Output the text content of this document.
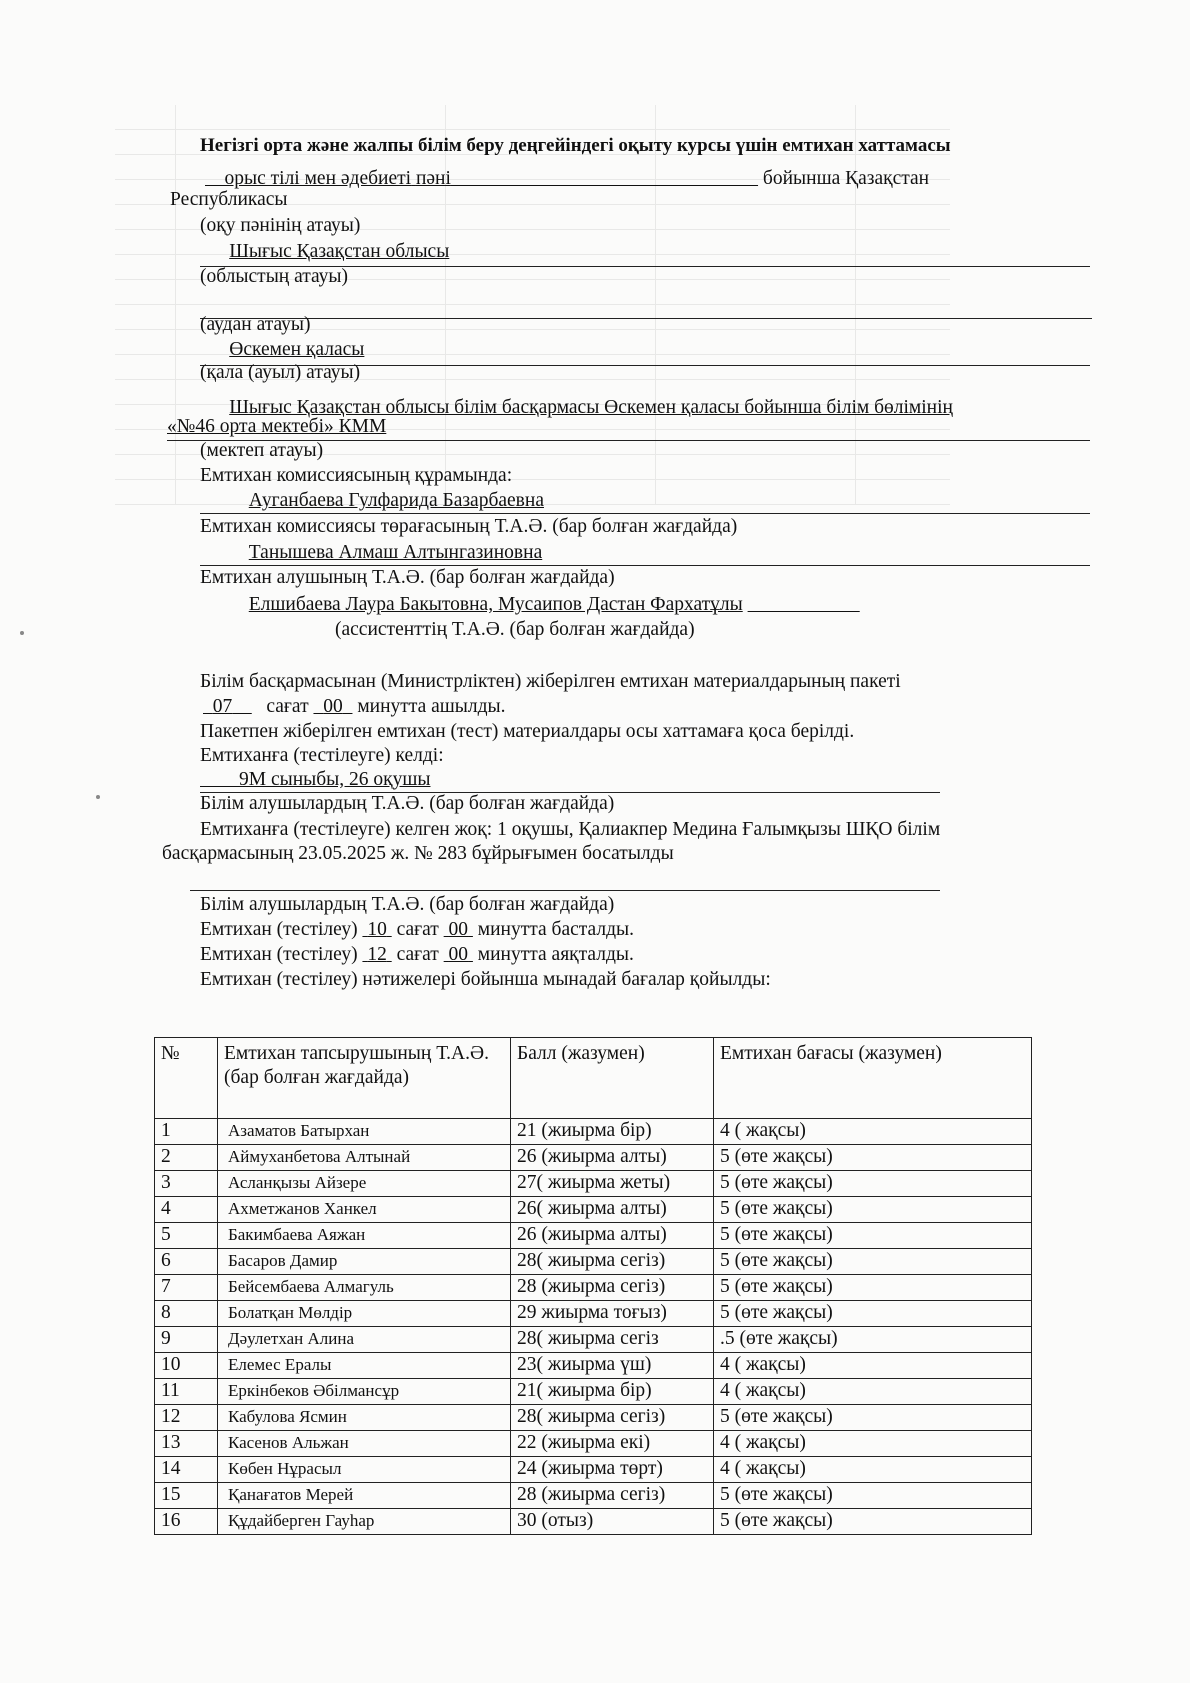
Негізгі орта және жалпы білім беру деңгейіндегі оқыту курсы үшін емтихан хаттамасы
орыс тілі мен әдебиеті пәні	бойынша Қазақстан
Республикасы
(оқу пәнінің атауы)
Шығыс Қазақстан облысы
(облыстың атауы)
(аудан атауы)
Өскемен қаласы
(қала (ауыл) атауы)
Шығыс Қазақстан облысы білім басқармасы Өскемен қаласы бойынша білім бөлімінің
«№46 орта мектебі» КММ
(мектеп атауы)
Емтихан комиссиясының құрамында:
Ауганбаева Гулфарида Базарбаевна
Емтихан комиссиясы төрағасының Т.А.Ә. (бар болған жағдайда)
Танышева Алмаш Алтынгазиновна
Емтихан алушының Т.А.Ә. (бар болған жағдайда)
Елшибаева Лаура Бакытовна, Мусаипов Дастан Фархатұлы
(ассистенттің Т.А.Ә. (бар болған жағдайда)
Білім басқармасынан (Министрліктен) жіберілген емтихан материалдарының пакеті
07 сағат 00 минутта ашылды.
Пакетпен жіберілген емтихан (тест) материалдары осы хаттамаға қоса берілді.
Емтиханға (тестілеуге) келді:
9М сыныбы, 26 оқушы
Білім алушылардың Т.А.Ә. (бар болған жағдайда)
Емтиханға (тестілеуге) келген жоқ: 1 оқушы, Қалиакпер Медина Ғалымқызы ШҚО білім
басқармасының 23.05.2025 ж. № 283 бұйрығымен босатылды
Білім алушылардың Т.А.Ә. (бар болған жағдайда)
Емтихан (тестілеу) 10 сағат 00 минутта басталды.
Емтихан (тестілеу) 12 сағат 00 минутта аяқталды.
Емтихан (тестілеу) нәтижелері бойынша мынадай бағалар қойылды:
№	Емтихан тапсырушының Т.А.Ә. (бар болған жағдайда)	Балл (жазумен)	Емтихан бағасы (жазумен)
1	Азаматов Батырхан	21 (жиырма бір)	4 ( жақсы)
2	Аймуханбетова Алтынай	26 (жиырма алты)	5 (өте жақсы)
3	Асланқызы Айзере	27( жиырма жеты)	5 (өте жақсы)
4	Ахметжанов Ханкел	26( жиырма алты)	5 (өте жақсы)
5	Бакимбаева Аяжан	26 (жиырма алты)	5 (өте жақсы)
6	Басаров Дамир	28( жиырма сегіз)	5 (өте жақсы)
7	Бейсембаева Алмагуль	28 (жиырма сегіз)	5 (өте жақсы)
8	Болатқан Мөлдір	29 жиырма тоғыз)	5 (өте жақсы)
9	Дәулетхан Алина	28( жиырма сегіз	.5 (өте жақсы)
10	Елемес Ералы	23( жиырма үш)	4 ( жақсы)
11	Еркінбеков Әбілмансұр	21( жиырма бір)	4 ( жақсы)
12	Кабулова Ясмин	28( жиырма сегіз)	5 (өте жақсы)
13	Касенов Альжан	22 (жиырма екі)	4 ( жақсы)
14	Көбен Нұрасыл	24 (жиырма төрт)	4 ( жақсы)
15	Қанағатов Мерей	28 (жиырма сегіз)	5 (өте жақсы)
16	Құдайберген Гауһар	30 (отыз)	5 (өте жақсы)
